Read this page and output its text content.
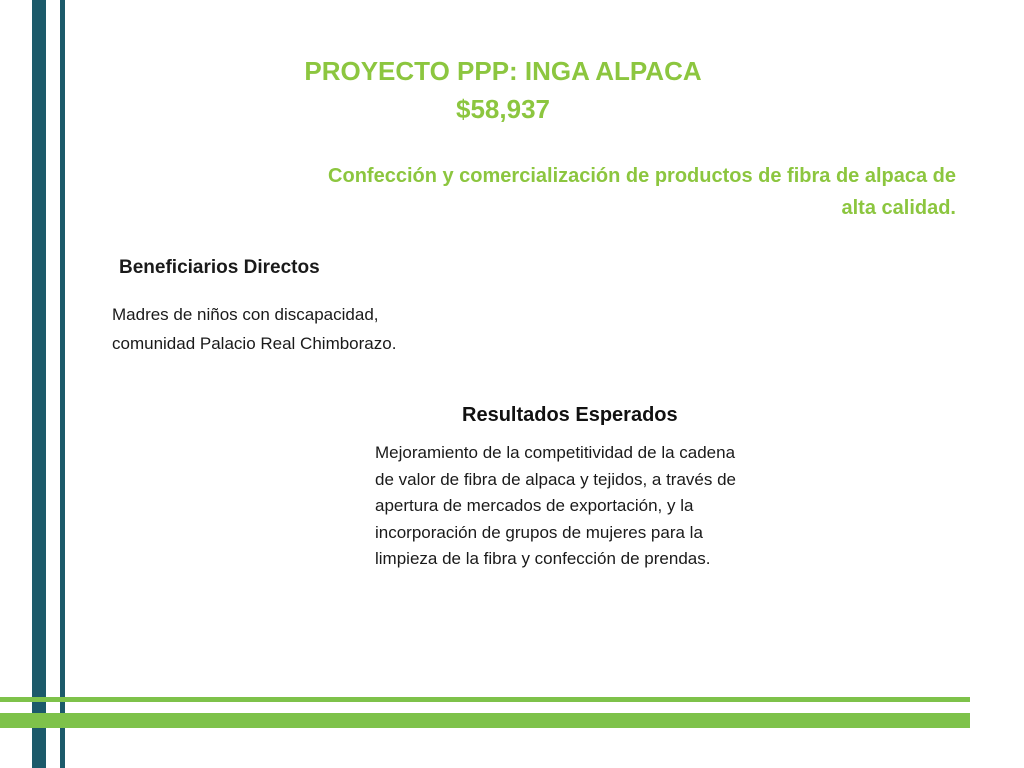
PROYECTO PPP: INGA ALPACA
$58,937

Confección y comercialización de productos de fibra de alpaca de
alta calidad.

Beneficiarios Directos

Madres de niños con discapacidad,
comunidad Palacio Real Chimborazo.

Resultados Esperados

Mejoramiento de la competitividad de la cadena
de valor de fibra de alpaca y tejidos, a través de
apertura de mercados de exportación, y la
incorporación de grupos de mujeres para la
limpieza de la fibra y confección de prendas.
